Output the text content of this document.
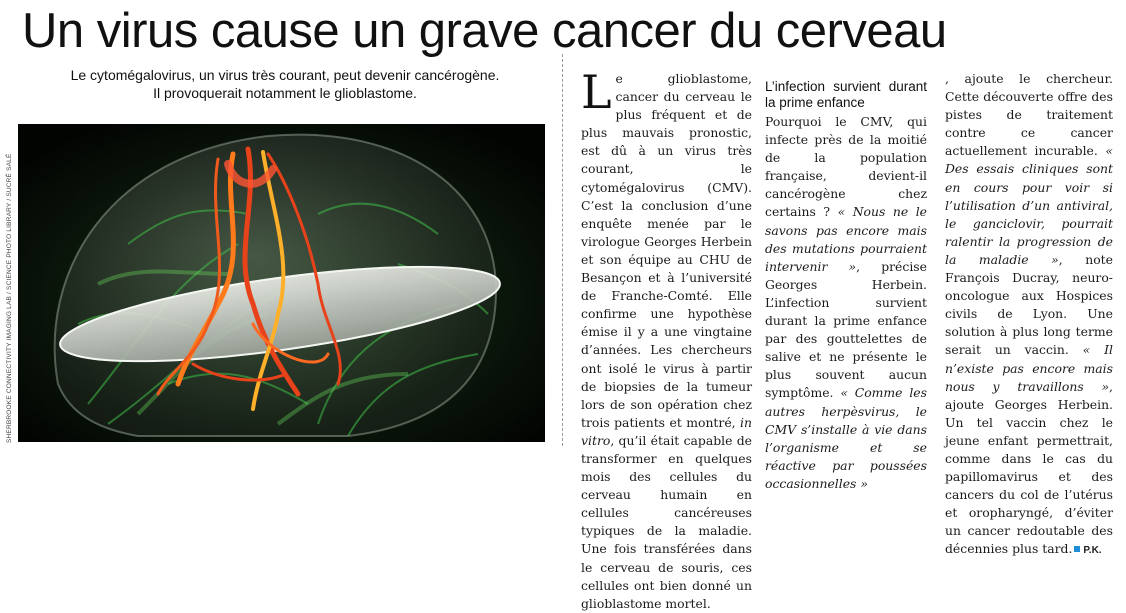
Un virus cause un grave cancer du cerveau
Le cytomégalovirus, un virus très courant, peut devenir cancérogène.
Il provoquerait notamment le glioblastome.
◄
Tumeur cérébrale vue par IRM (en rouge les fibres nerveuses touchées).
SHERBROOKE CONNECTIVITY IMAGING LAB / SCIENCE PHOTO LIBRARY / SUCRÉ SALÉ

Le glioblastome, cancer du cerveau le plus fréquent et de plus mauvais pronostic, est dû à un virus très courant, le cytomégalovirus (CMV). C’est la conclusion d’une enquête menée par le virologue Georges Herbein et son équipe au CHU de Besançon et à l’université de Franche-Comté. Elle confirme une hypothèse émise il y a une vingtaine d’années. Les chercheurs ont isolé le virus à partir de biopsies de la tumeur lors de son opération chez trois patients et montré, in vitro, qu’il était capable de transformer en quelques mois des cellules du cerveau humain en cellules cancéreuses typiques de la maladie. Une fois transférées dans le cerveau de souris, ces cellules ont bien donné un glioblastome mortel.

L’infection survient durant la prime enfance

Pourquoi le CMV, qui infecte près de la moitié de la population française, devient-il cancérogène chez certains ? « Nous ne le savons pas encore mais des mutations pourraient intervenir », précise Georges Herbein. L’infection survient durant la prime enfance par des gouttelettes de salive et ne présente le plus souvent aucun symptôme. « Comme les autres herpèsvirus, le CMV s’installe à vie dans l’organisme et se réactive par poussées occasionnelles »

, ajoute le chercheur. Cette découverte offre des pistes de traitement contre ce cancer actuellement incurable. « Des essais cliniques sont en cours pour voir si l’utilisation d’un antiviral, le ganciclovir, pourrait ralentir la progression de la maladie », note François Ducray, neuro-oncologue aux Hospices civils de Lyon. Une solution à plus long terme serait un vaccin. « Il n’existe pas encore mais nous y travaillons », ajoute Georges Herbein. Un tel vaccin chez le jeune enfant permettrait, comme dans le cas du papillomavirus et des cancers du col de l’utérus et oropharyngé, d’éviter un cancer redoutable des décennies plus tard. P.K.
